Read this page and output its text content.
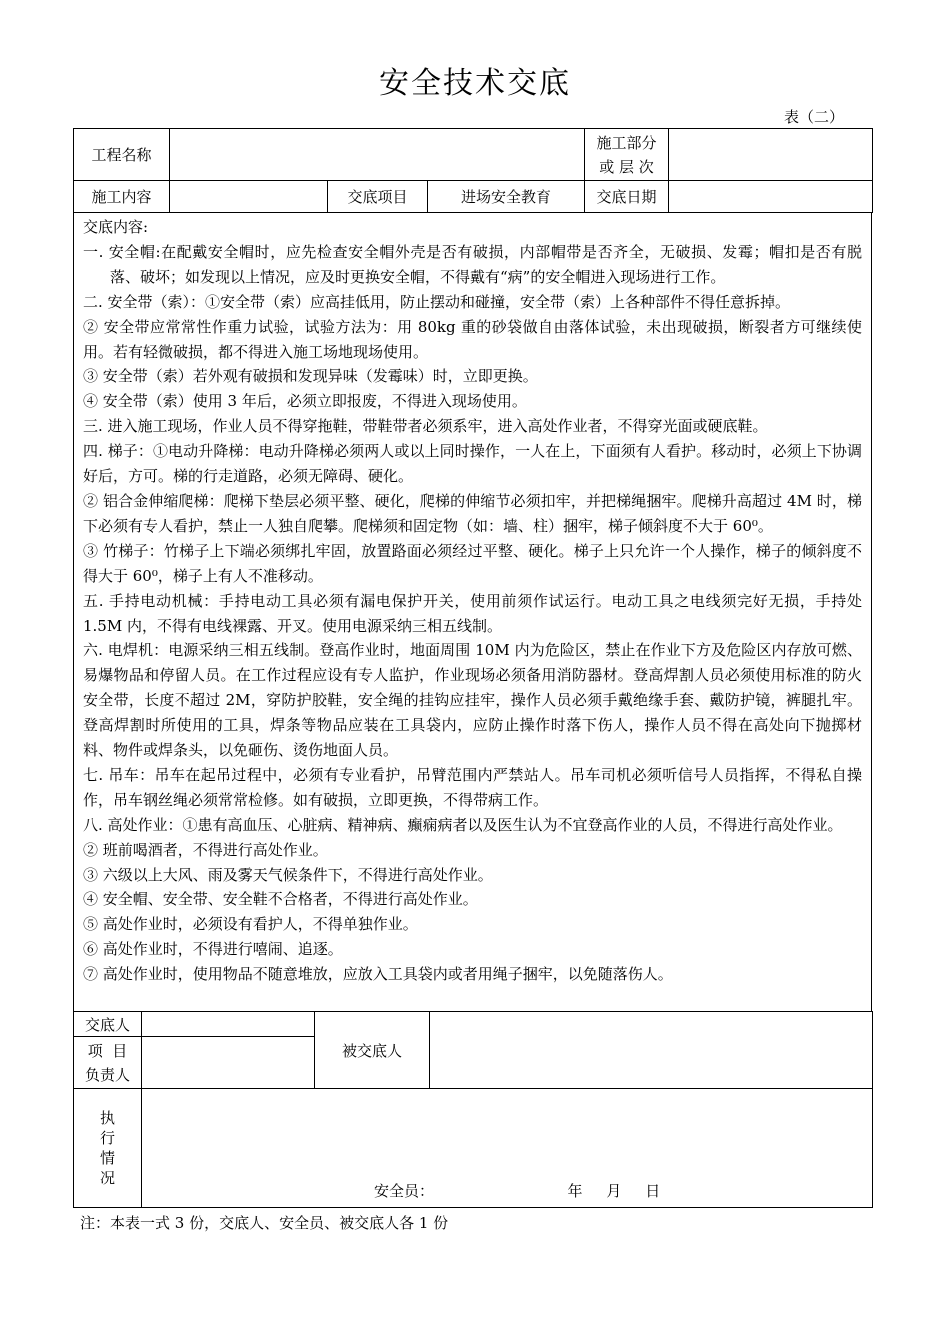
安全技术交底
表（二）
工程名称				施工部分
或 层 次	

施工内容		交底项目	进场安全教育	交底日期	

交底内容:

一. 安全帽:在配戴安全帽时，应先检查安全帽外壳是否有破损，内部帽带是否齐全，无破损、发霉；帽扣是否有脱落、破坏；如发现以上情况，应及时更换安全帽，不得戴有“病”的安全帽进入现场进行工作。

二. 安全带（索）：①安全带（索）应高挂低用，防止摆动和碰撞，安全带（索）上各种部件不得任意拆掉。

② 安全带应常常性作重力试验，试验方法为：用 80kg 重的砂袋做自由落体试验，未出现破损，断裂者方可继续使用。若有轻微破损，都不得进入施工场地现场使用。

③ 安全带（索）若外观有破损和发现异味（发霉味）时，立即更换。

④ 安全带（索）使用 3 年后，必须立即报废，不得进入现场使用。

三. 进入施工现场，作业人员不得穿拖鞋，带鞋带者必须系牢，进入高处作业者，不得穿光面或硬底鞋。

四. 梯子：①电动升降梯：电动升降梯必须两人或以上同时操作，一人在上，下面须有人看护。移动时，必须上下协调好后，方可。梯的行走道路，必须无障碍、硬化。

② 铝合金伸缩爬梯：爬梯下垫层必须平整、硬化，爬梯的伸缩节必须扣牢，并把梯绳捆牢。爬梯升高超过 4M 时，梯下必须有专人看护，禁止一人独自爬攀。爬梯须和固定物（如：墙、柱）捆牢，梯子倾斜度不大于 60⁰。

③ 竹梯子：竹梯子上下端必须绑扎牢固，放置路面必须经过平整、硬化。梯子上只允许一个人操作，梯子的倾斜度不得大于 60⁰，梯子上有人不准移动。

五. 手持电动机械：手持电动工具必须有漏电保护开关，使用前须作试运行。电动工具之电线须完好无损，手持处 1.5M 内，不得有电线裸露、开叉。使用电源采纳三相五线制。

六. 电焊机：电源采纳三相五线制。登高作业时，地面周围 10M 内为危险区，禁止在作业下方及危险区内存放可燃、易爆物品和停留人员。在工作过程应设有专人监护，作业现场必须备用消防器材。登高焊割人员必须使用标准的防火安全带，长度不超过 2M，穿防护胶鞋，安全绳的挂钩应挂牢，操作人员必须手戴绝缘手套、戴防护镜，裤腿扎牢。登高焊割时所使用的工具，焊条等物品应装在工具袋内，应防止操作时落下伤人，操作人员不得在高处向下抛掷材料、物件或焊条头，以免砸伤、烫伤地面人员。

七. 吊车：吊车在起吊过程中，必须有专业看护，吊臂范围内严禁站人。吊车司机必须听信号人员指挥，不得私自操作，吊车钢丝绳必须常常检修。如有破损，立即更换，不得带病工作。

八. 高处作业：①患有高血压、心脏病、精神病、癫痫病者以及医生认为不宜登高作业的人员，不得进行高处作业。

② 班前喝酒者，不得进行高处作业。

③ 六级以上大风、雨及雾天气候条件下，不得进行高处作业。

④ 安全帽、安全带、安全鞋不合格者，不得进行高处作业。

⑤ 高处作业时，必须设有看护人，不得单独作业。

⑥ 高处作业时，不得进行嘻闹、追逐。

⑦ 高处作业时，使用物品不随意堆放，应放入工具袋内或者用绳子捆牢，以免随落伤人。

交底人		被交底人	

项  目
负责人			

执
行
情
况	安全员： 年 月 日		
注：本表一式 3 份，交底人、安全员、被交底人各 1 份
